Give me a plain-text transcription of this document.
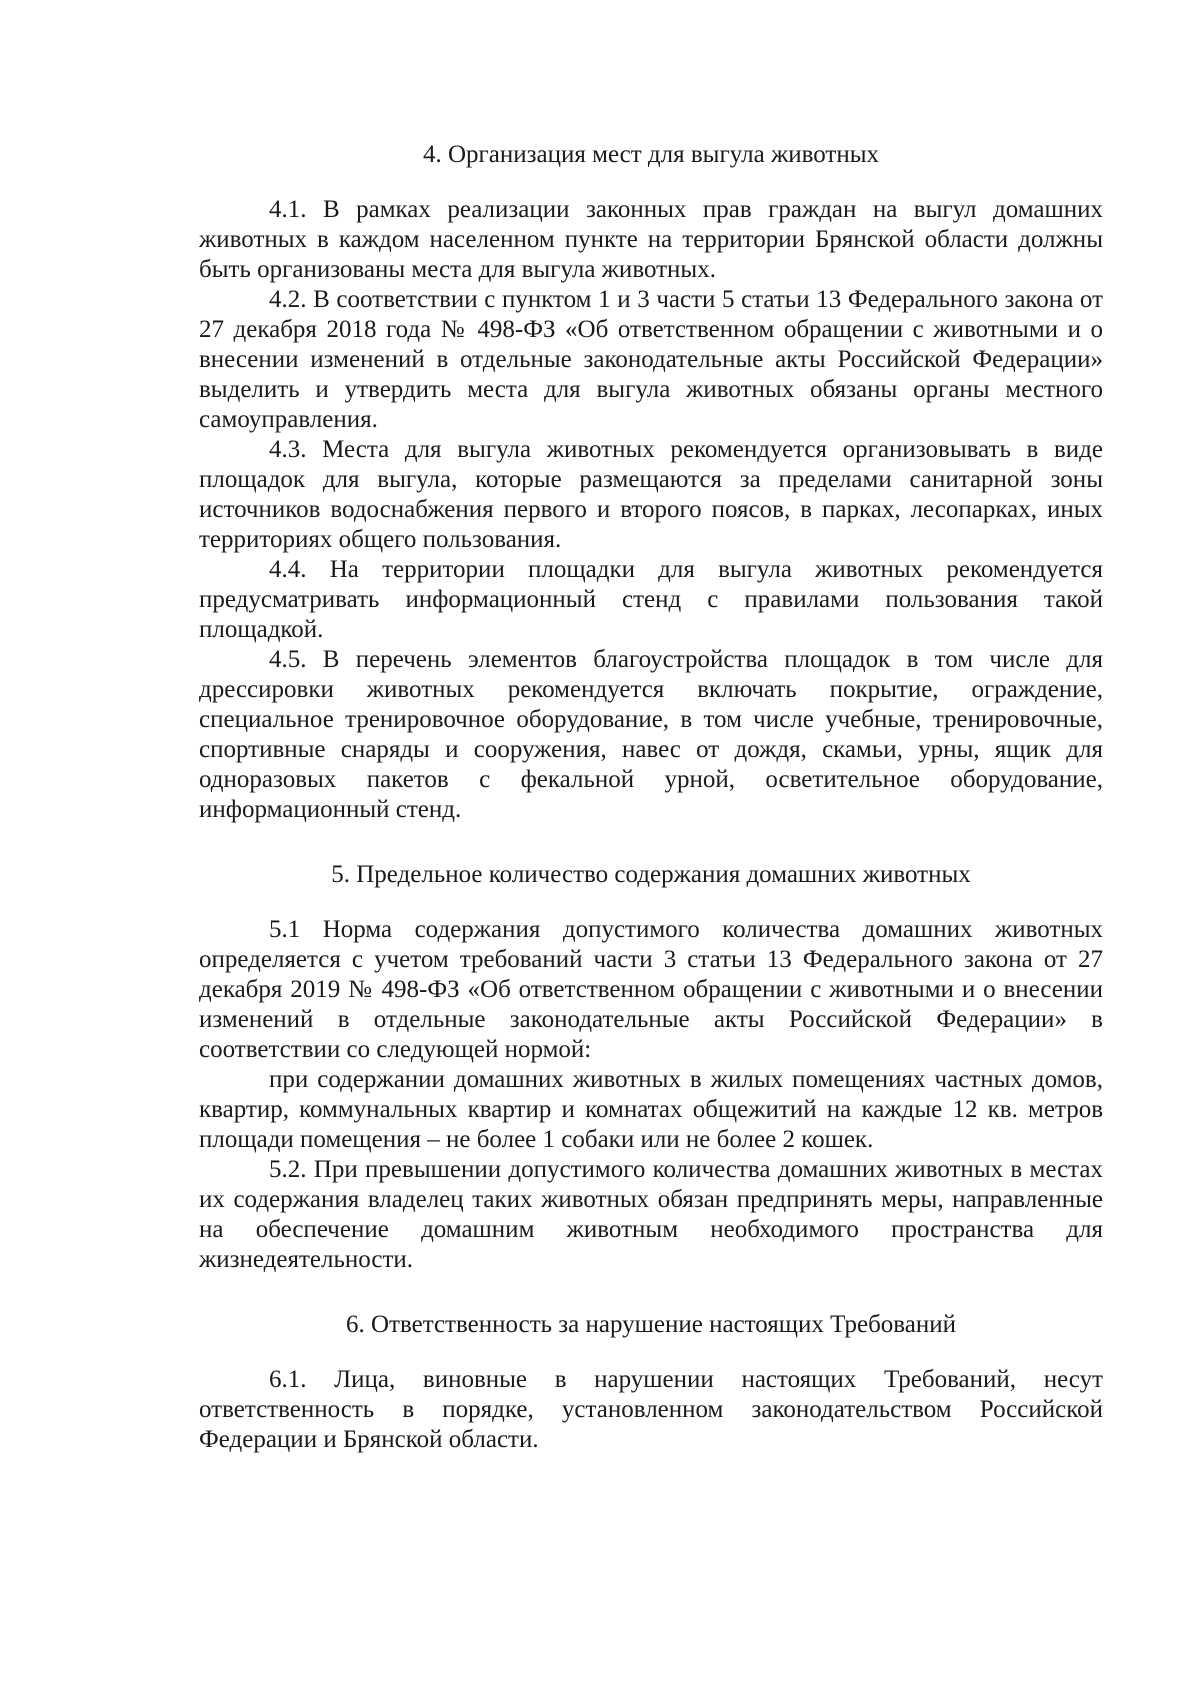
4. Организация мест для выгула животных

4.1. В рамках реализации законных прав граждан на выгул домашних животных в каждом населенном пункте на территории Брянской области должны быть организованы места для выгула животных.

4.2. В соответствии с пунктом 1 и 3 части 5 статьи 13 Федерального закона от 27 декабря 2018 года № 498-ФЗ «Об ответственном обращении с животными и о внесении изменений в отдельные законодательные акты Российской Федерации» выделить и утвердить места для выгула животных обязаны органы местного самоуправления.

4.3. Места для выгула животных рекомендуется организовывать в виде площадок для выгула, которые размещаются за пределами санитарной зоны источников водоснабжения первого и второго поясов, в парках, лесопарках, иных территориях общего пользования.

4.4. На территории площадки для выгула животных рекомендуется предусматривать информационный стенд с правилами пользования такой площадкой.

4.5. В перечень элементов благоустройства площадок в том числе для дрессировки животных рекомендуется включать покрытие, ограждение, специальное тренировочное оборудование, в том числе учебные, тренировочные, спортивные снаряды и сооружения, навес от дождя, скамьи, урны, ящик для одноразовых пакетов с фекальной урной, осветительное оборудование, информационный стенд.

5. Предельное количество содержания домашних животных

5.1 Норма содержания допустимого количества домашних животных определяется с учетом требований части 3 статьи 13 Федерального закона от 27 декабря 2019 № 498-ФЗ «Об ответственном обращении с животными и о внесении изменений в отдельные законодательные акты Российской Федерации» в соответствии со следующей нормой:

при содержании домашних животных в жилых помещениях частных домов, квартир, коммунальных квартир и комнатах общежитий на каждые 12 кв. метров площади помещения – не более 1 собаки или не более 2 кошек.

5.2. При превышении допустимого количества домашних животных в местах их содержания владелец таких животных обязан предпринять меры, направленные на обеспечение домашним животным необходимого пространства для жизнедеятельности.

6. Ответственность за нарушение настоящих Требований

6.1. Лица, виновные в нарушении настоящих Требований, несут ответственность в порядке, установленном законодательством Российской Федерации и Брянской области.
